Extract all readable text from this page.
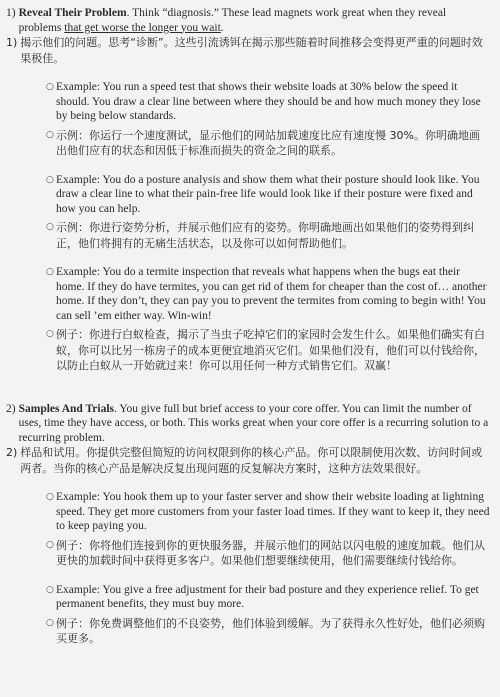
1) Reveal Their Problem. Think “diagnosis.” These lead magnets work great when they reveal problems that get worse the longer you wait.
1) 揭示他们的问题。思考“诊断”。这些引流诱铒在揭示那些随着时间推移会变得更严重的问题时效果极佳。
○ Example: You run a speed test that shows their website loads at 30% below the speed it should. You draw a clear line between where they should be and how much money they lose by being below standards.
○ 示例：你运行一个速度测试，显示他们的网站加载速度比应有速度慢 30%。你明确地画出他们应有的状态和因低于标准而损失的资金之间的联系。
○ Example: You do a posture analysis and show them what their posture should look like. You draw a clear line to what their pain-free life would look like if their posture were fixed and how you can help.
○ 示例：你进行姿势分析，并展示他们应有的姿势。你明确地画出如果他们的姿势得到纠正，他们将拥有的无痛生活状态，以及你可以如何帮助他们。
○ Example: You do a termite inspection that reveals what happens when the bugs eat their home. If they do have termites, you can get rid of them for cheaper than the cost of… another home. If they don’t, they can pay you to prevent the termites from coming to begin with! You can sell ’em either way. Win-win!
○ 例子：你进行白蚁检查，揭示了当虫子吃掉它们的家园时会发生什么。如果他们确实有白蚁，你可以比另一栋房子的成本更便宜地消灭它们。如果他们没有，他们可以付钱给你，以防止白蚁从一开始就过来！你可以用任何一种方式销售它们。双赢！
2) Samples And Trials. You give full but brief access to your core offer. You can limit the number of uses, time they have access, or both. This works great when your core offer is a recurring solution to a recurring problem.
2) 样品和试用。你提供完整但简短的访问权限到你的核心产品。你可以限制使用次数、访问时间或两者。当你的核心产品是解决反复出现问题的反复解决方案时，这种方法效果很好。
○ Example: You hook them up to your faster server and show their website loading at lightning speed. They get more customers from your faster load times. If they want to keep it, they need to keep paying you.
○ 例子：你将他们连接到你的更快服务器，并展示他们的网站以闪电般的速度加载。他们从更快的加载时间中获得更多客户。如果他们想要继续使用，他们需要继续付钱给你。
○ Example: You give a free adjustment for their bad posture and they experience relief. To get permanent benefits, they must buy more.
○ 例子：你免费调整他们的不良姿势，他们体验到缓解。为了获得永久性好处，他们必须购买更多。
